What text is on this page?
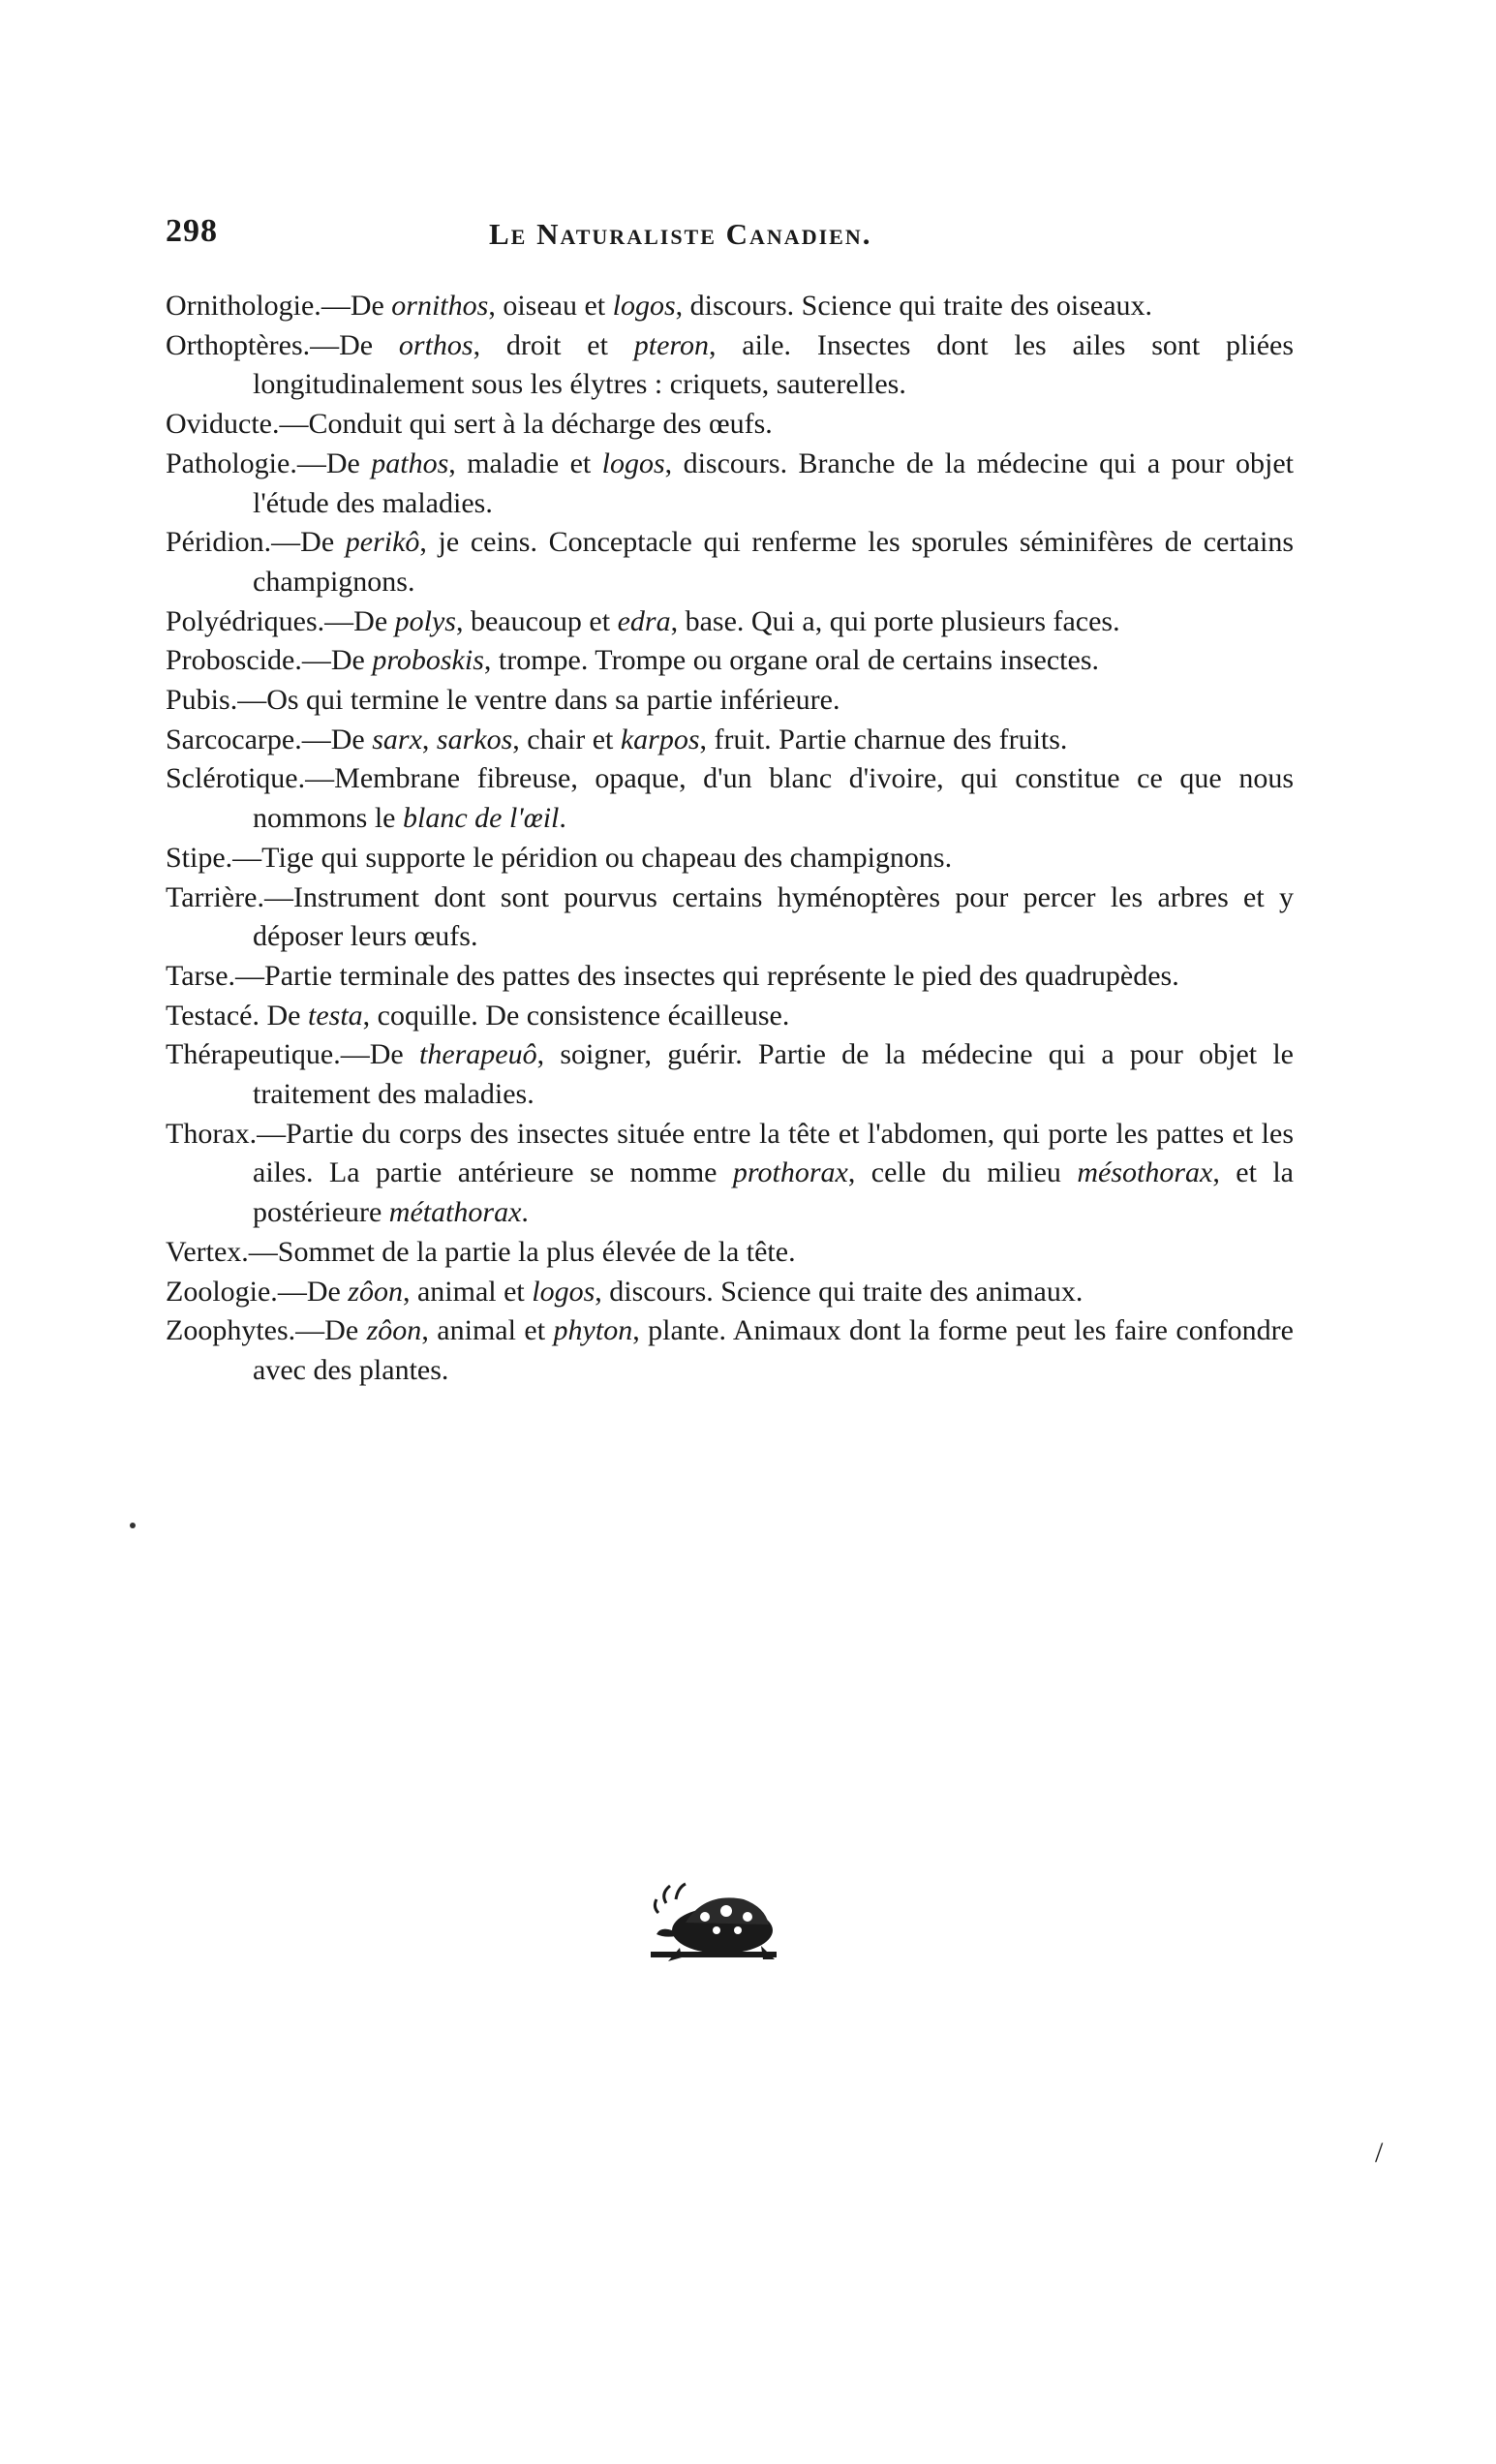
298	Le Naturaliste Canadien.
Ornithologie.—De ornithos, oiseau et logos, discours. Science qui traite des oiseaux.
Orthoptères.—De orthos, droit et pteron, aile. Insectes dont les ailes sont pliées longitudinalement sous les élytres : criquets, sauterelles.
Oviducte.—Conduit qui sert à la décharge des œufs.
Pathologie.—De pathos, maladie et logos, discours. Branche de la médecine qui a pour objet l'étude des maladies.
Péridion.—De perikô, je ceins. Conceptacle qui renferme les sporules séminifères de certains champignons.
Polyédriques.—De polys, beaucoup et edra, base. Qui a, qui porte plusieurs faces.
Proboscide.—De proboskis, trompe. Trompe ou organe oral de certains insectes.
Pubis.—Os qui termine le ventre dans sa partie inférieure.
Sarcocarpe.—De sarx, sarkos, chair et karpos, fruit. Partie charnue des fruits.
Sclérotique.—Membrane fibreuse, opaque, d'un blanc d'ivoire, qui constitue ce que nous nommons le blanc de l'œil.
Stipe.—Tige qui supporte le péridion ou chapeau des champignons.
Tarrière.—Instrument dont sont pourvus certains hyménoptères pour percer les arbres et y déposer leurs œufs.
Tarse.—Partie terminale des pattes des insectes qui représente le pied des quadrupèdes.
Testacé. De testa, coquille. De consistence écailleuse.
Thérapeutique.—De therapeuô, soigner, guérir. Partie de la médecine qui a pour objet le traitement des maladies.
Thorax.—Partie du corps des insectes située entre la tête et l'abdomen, qui porte les pattes et les ailes. La partie antérieure se nomme prothorax, celle du milieu mésothorax, et la postérieure métathorax.
Vertex.—Sommet de la partie la plus élevée de la tête.
Zoologie.—De zôon, animal et logos, discours. Science qui traite des animaux.
Zoophytes.—De zôon, animal et phyton, plante. Animaux dont la forme peut les faire confondre avec des plantes.
/
